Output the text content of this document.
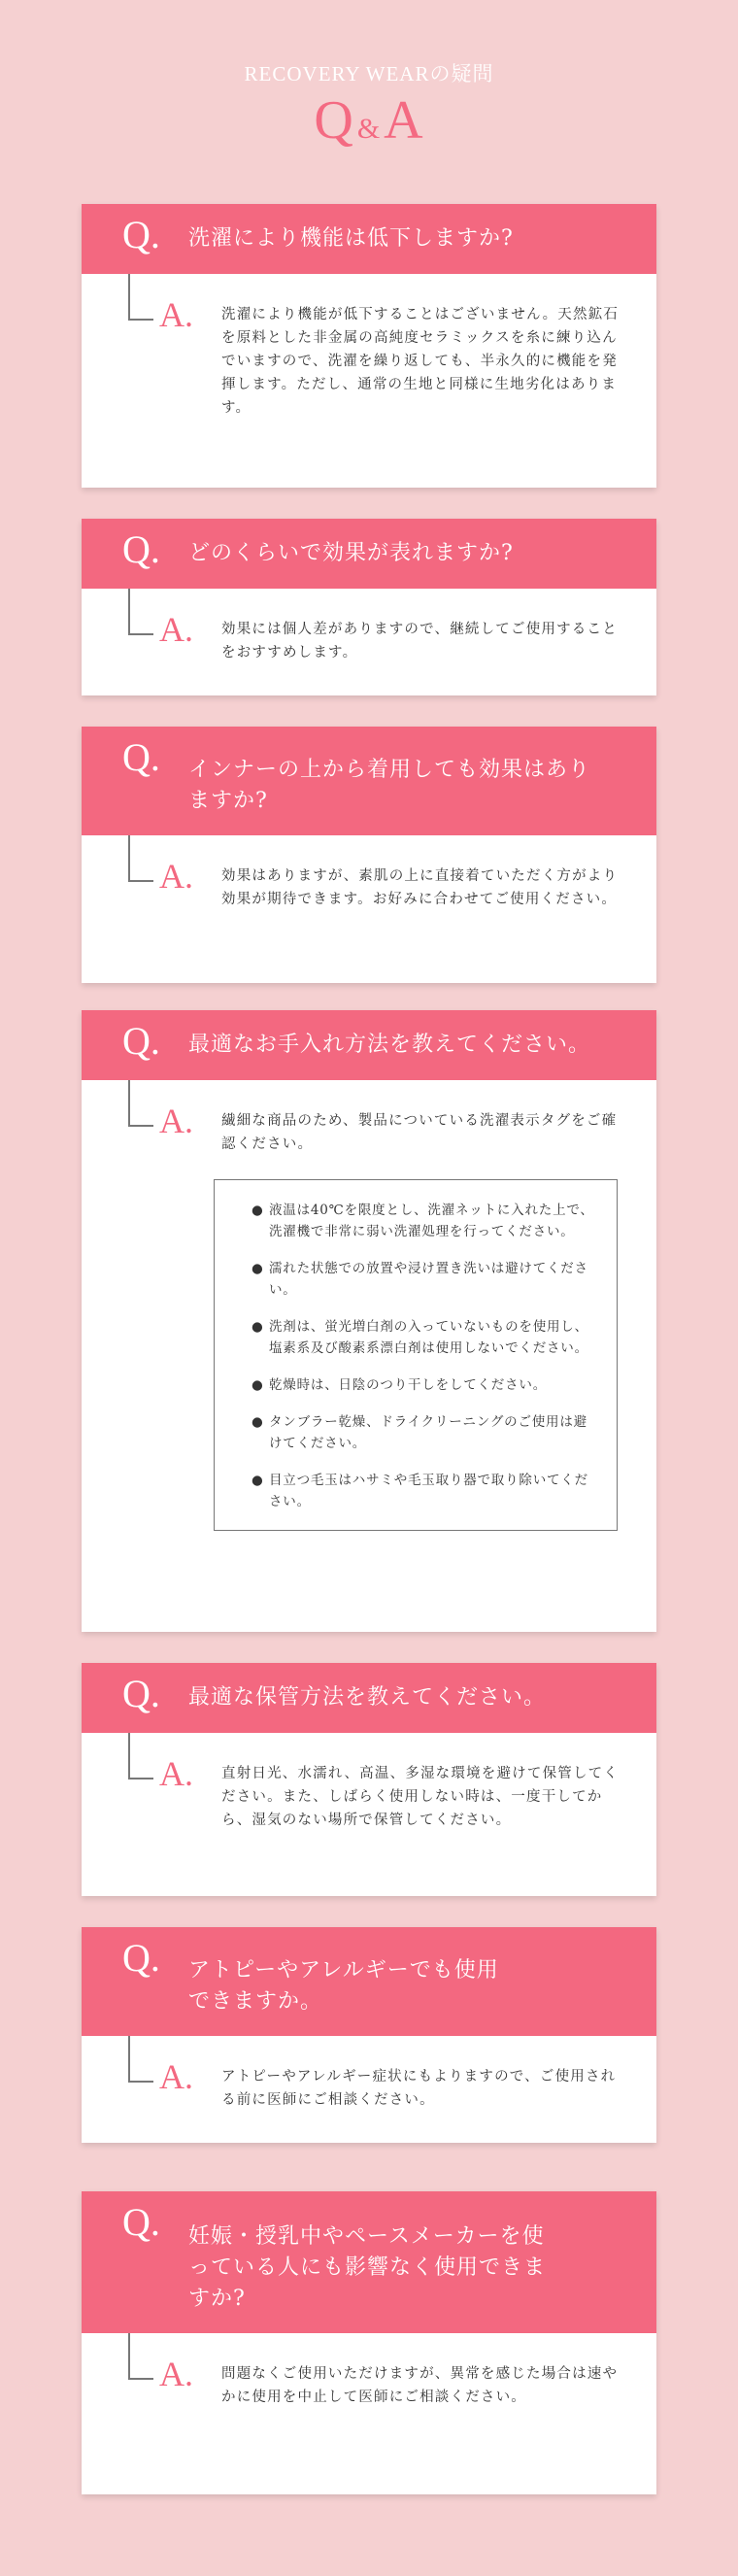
RECOVERY WEARの疑問
Q &A
Q. 洗濯により機能は低下しますか?
A. 洗濯により機能が低下することはございません。天然鉱石を原料とした非金属の高純度セラミックスを糸に練り込んでいますので、洗濯を繰り返しても、半永久的に機能を発揮します。ただし、通常の生地と同様に生地劣化はあります。
Q. どのくらいで効果が表れますか?
A. 効果には個人差がありますので、継続してご使用することをおすすめします。
Q. インナーの上から着用しても効果はありますか?
A. 効果はありますが、素肌の上に直接着ていただく方がより効果が期待できます。お好みに合わせてご使用ください。
Q. 最適なお手入れ方法を教えてください。
A. 繊細な商品のため、製品についている洗濯表示タグをご確認ください。
● 液温は40℃を限度とし、洗濯ネットに入れた上で、洗濯機で非常に弱い洗濯処理を行ってください。
● 濡れた状態での放置や浸け置き洗いは避けてください。
● 洗剤は、蛍光増白剤の入っていないものを使用し、塩素系及び酸素系漂白剤は使用しないでください。
● 乾燥時は、日陰のつり干しをしてください。
● タンブラー乾燥、ドライクリーニングのご使用は避けてください。
● 目立つ毛玉はハサミや毛玉取り器で取り除いてください。
Q. 最適な保管方法を教えてください。
A. 直射日光、水濡れ、高温、多湿な環境を避けて保管してください。また、しばらく使用しない時は、一度干してから、湿気のない場所で保管してください。
Q. アトピーやアレルギーでも使用できますか。
A. アトピーやアレルギー症状にもよりますので、ご使用される前に医師にご相談ください。
Q. 妊娠・授乳中やペースメーカーを使っている人にも影響なく使用できますか?
A. 問題なくご使用いただけますが、異常を感じた場合は速やかに使用を中止して医師にご相談ください。
